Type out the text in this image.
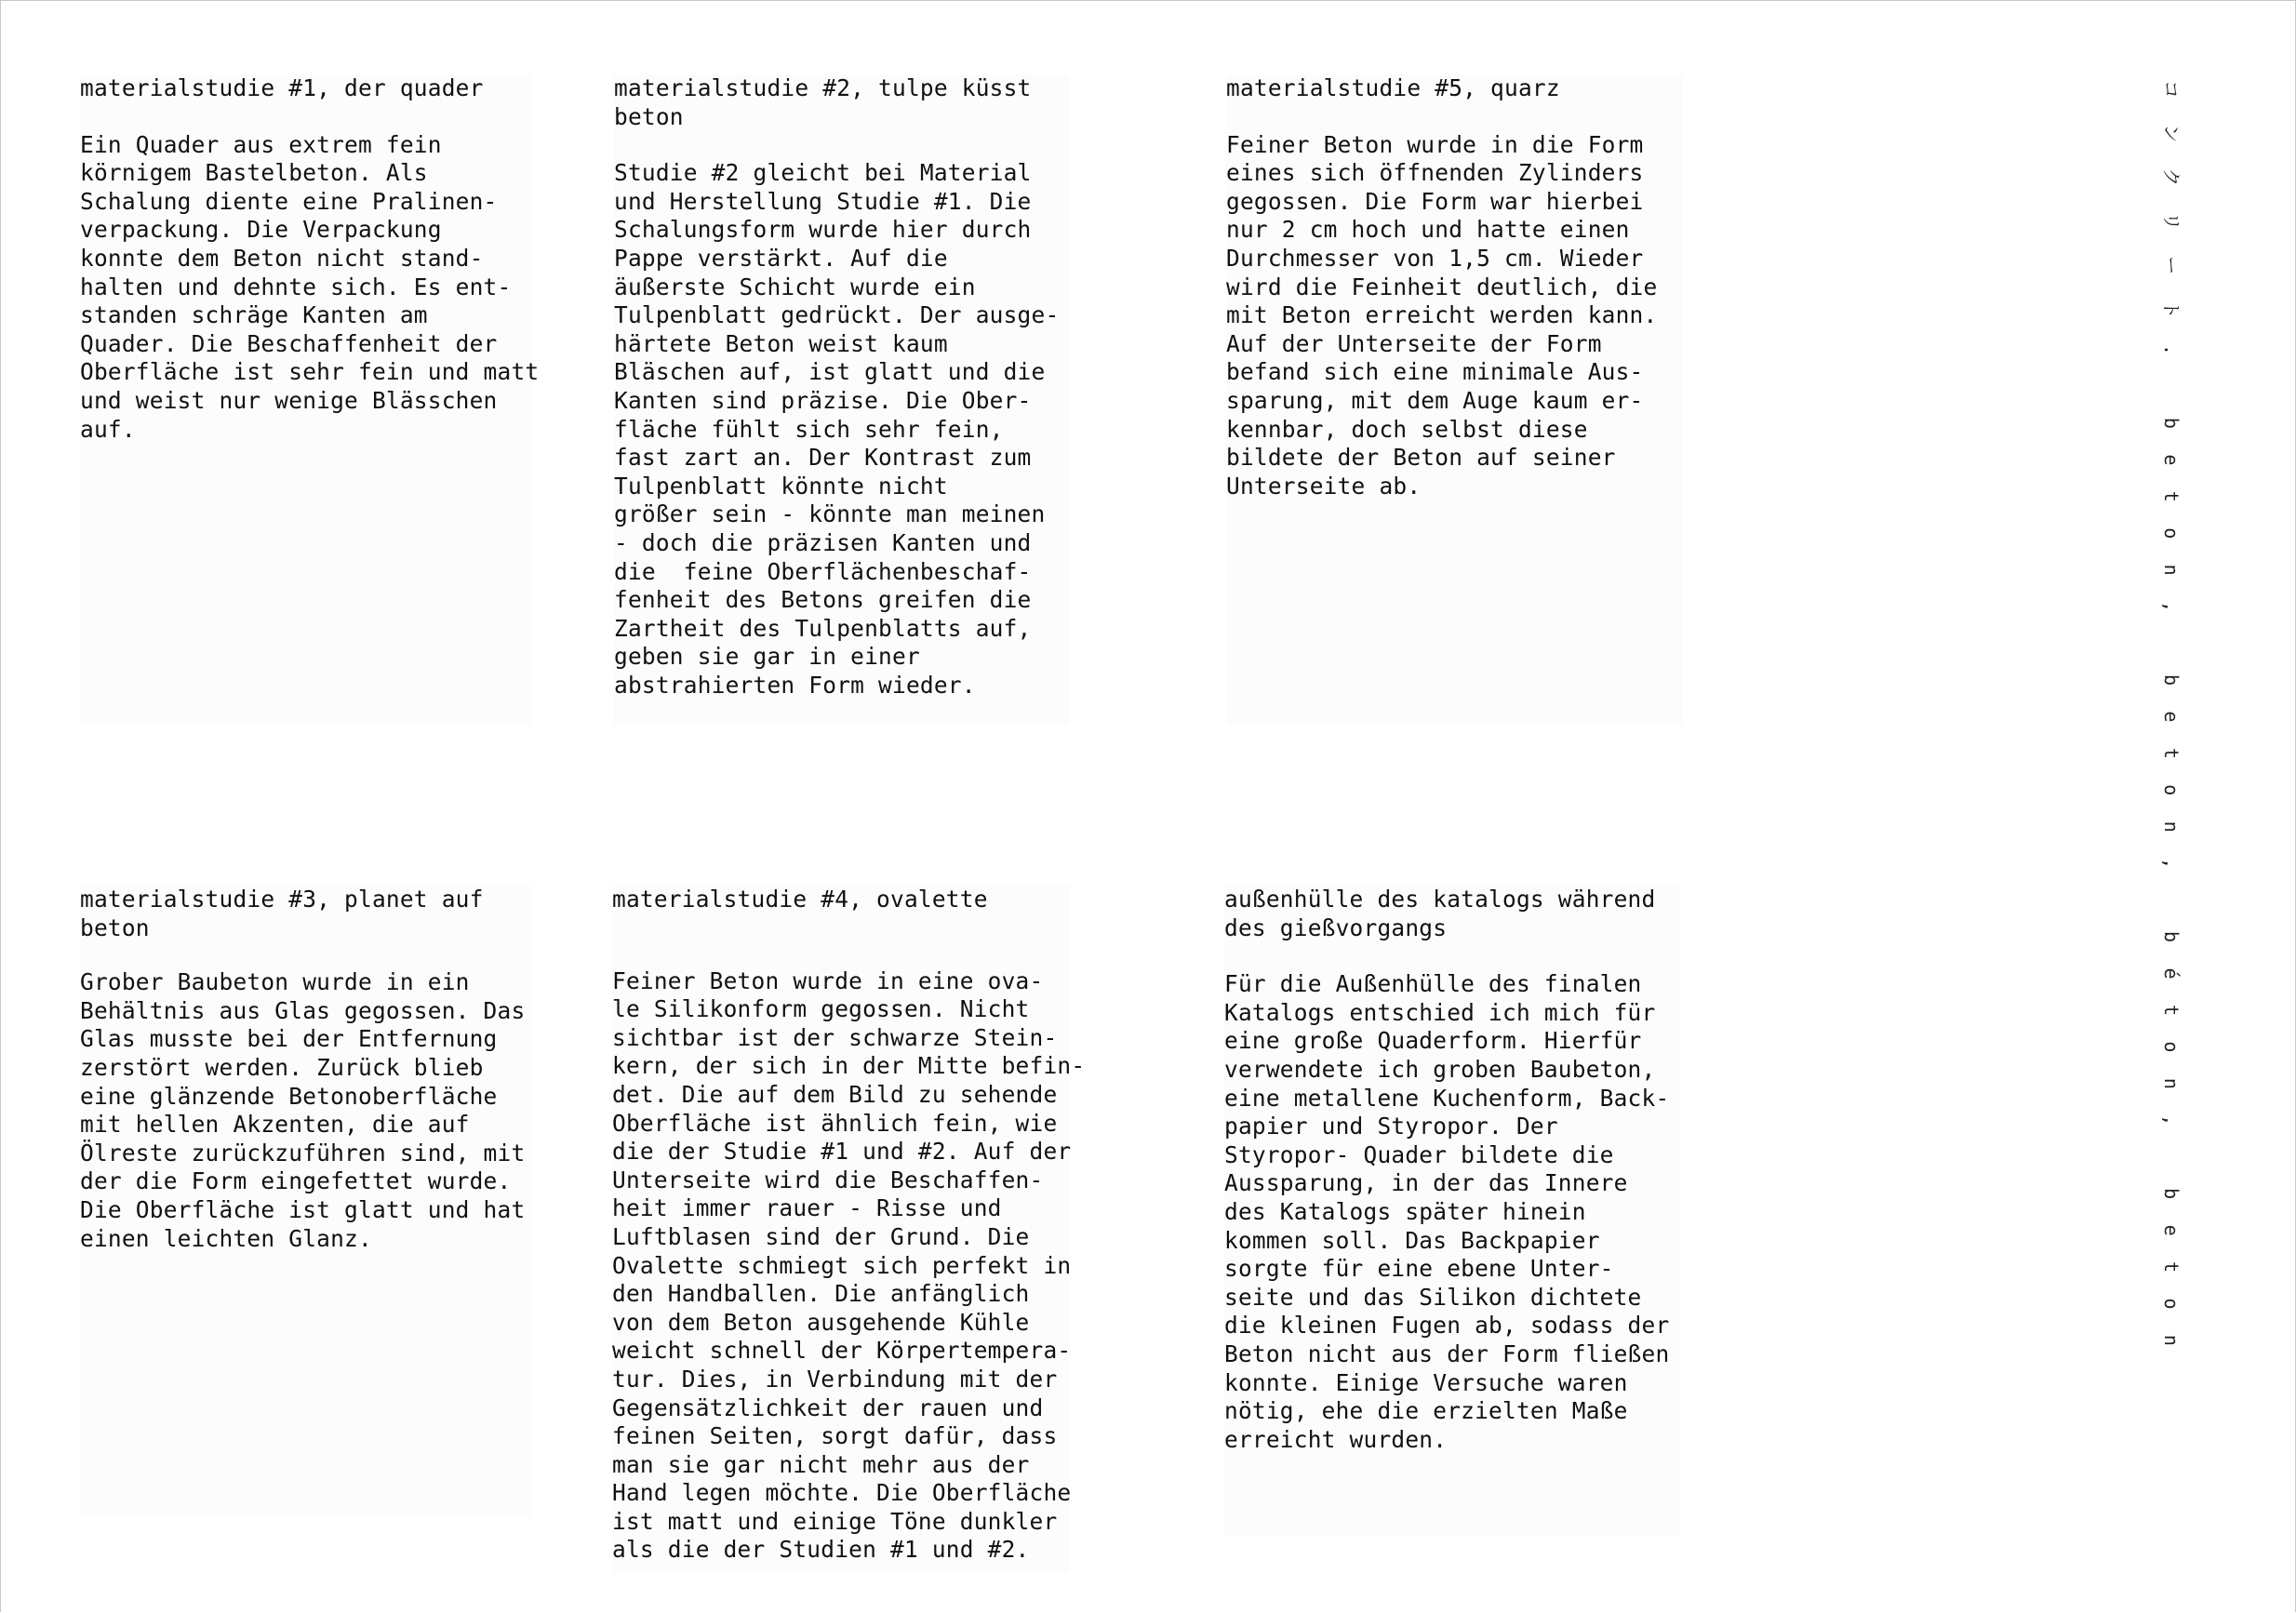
materialstudie #1, der quader

Ein Quader aus extrem fein
körnigem Bastelbeton. Als
Schalung diente eine Pralinen-
verpackung. Die Verpackung
konnte dem Beton nicht stand-
halten und dehnte sich. Es ent-
standen schräge Kanten am
Quader. Die Beschaffenheit der
Oberfläche ist sehr fein und matt
und weist nur wenige Blässchen
auf.

materialstudie #2, tulpe küsst
beton

Studie #2 gleicht bei Material
und Herstellung Studie #1. Die
Schalungsform wurde hier durch
Pappe verstärkt. Auf die
äußerste Schicht wurde ein
Tulpenblatt gedrückt. Der ausge-
härtete Beton weist kaum
Bläschen auf, ist glatt und die
Kanten sind präzise. Die Ober-
fläche fühlt sich sehr fein,
fast zart an. Der Kontrast zum
Tulpenblatt könnte nicht
größer sein - könnte man meinen
- doch die präzisen Kanten und
die  feine Oberflächenbeschaf-
fenheit des Betons greifen die
Zartheit des Tulpenblatts auf,
geben sie gar in einer
abstrahierten Form wieder.

materialstudie #5, quarz

Feiner Beton wurde in die Form
eines sich öffnenden Zylinders
gegossen. Die Form war hierbei
nur 2 cm hoch und hatte einen
Durchmesser von 1,5 cm. Wieder
wird die Feinheit deutlich, die
mit Beton erreicht werden kann.
Auf der Unterseite der Form
befand sich eine minimale Aus-
sparung, mit dem Auge kaum er-
kennbar, doch selbst diese
bildete der Beton auf seiner
Unterseite ab.

materialstudie #3, planet auf
beton

Grober Baubeton wurde in ein
Behältnis aus Glas gegossen. Das
Glas musste bei der Entfernung
zerstört werden. Zurück blieb
eine glänzende Betonoberfläche
mit hellen Akzenten, die auf
Ölreste zurückzuführen sind, mit
der die Form eingefettet wurde.
Die Oberfläche ist glatt und hat
einen leichten Glanz.

materialstudie #4, ovalette

Feiner Beton wurde in eine ova-
le Silikonform gegossen. Nicht
sichtbar ist der schwarze Stein-
kern, der sich in der Mitte befin-
det. Die auf dem Bild zu sehende
Oberfläche ist ähnlich fein, wie
die der Studie #1 und #2. Auf der
Unterseite wird die Beschaffen-
heit immer rauer - Risse und
Luftblasen sind der Grund. Die
Ovalette schmiegt sich perfekt in
den Handballen. Die anfänglich
von dem Beton ausgehende Kühle
weicht schnell der Körpertempera-
tur. Dies, in Verbindung mit der
Gegensätzlichkeit der rauen und
feinen Seiten, sorgt dafür, dass
man sie gar nicht mehr aus der
Hand legen möchte. Die Oberfläche
ist matt und einige Töne dunkler
als die der Studien #1 und #2.

außenhülle des katalogs während
des gießvorgangs

Für die Außenhülle des finalen
Katalogs entschied ich mich für
eine große Quaderform. Hierfür
verwendete ich groben Baubeton,
eine metallene Kuchenform, Back-
papier und Styropor. Der
Styropor- Quader bildete die
Aussparung, in der das Innere
des Katalogs später hinein
kommen soll. Das Backpapier
sorgte für eine ebene Unter-
seite und das Silikon dichtete
die kleinen Fugen ab, sodass der
Beton nicht aus der Form fließen
konnte. Einige Versuche waren
nötig, ehe die erzielten Maße
erreicht wurden.

コンクリート. beton, beton, béton, beton
